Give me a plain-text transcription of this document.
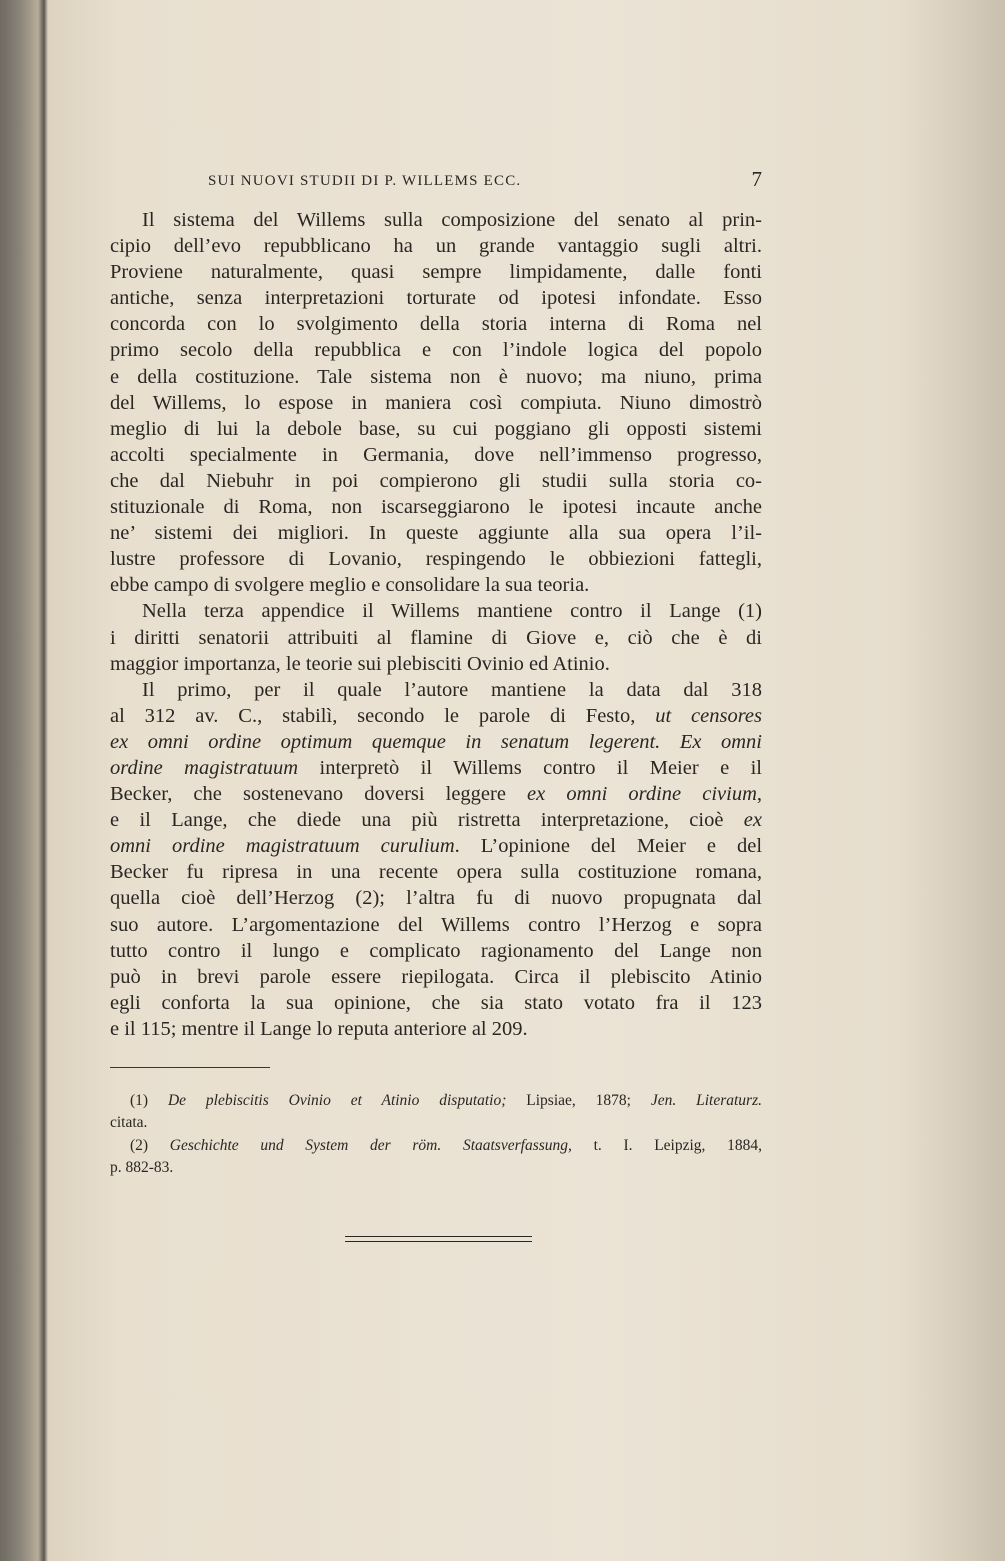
SUI NUOVI STUDII DI P. WILLEMS ECC.	7
Il sistema del Willems sulla composizione del senato al prin-
cipio dell’evo repubblicano ha un grande vantaggio sugli altri.
Proviene naturalmente, quasi sempre limpidamente, dalle fonti
antiche, senza interpretazioni torturate od ipotesi infondate. Esso
concorda con lo svolgimento della storia interna di Roma nel
primo secolo della repubblica e con l’indole logica del popolo
e della costituzione. Tale sistema non è nuovo; ma niuno, prima
del Willems, lo espose in maniera così compiuta. Niuno dimostrò
meglio di lui la debole base, su cui poggiano gli opposti sistemi
accolti specialmente in Germania, dove nell’immenso progresso,
che dal Niebuhr in poi compierono gli studii sulla storia co-
stituzionale di Roma, non iscarseggiarono le ipotesi incaute anche
ne’ sistemi dei migliori. In queste aggiunte alla sua opera l’il-
lustre professore di Lovanio, respingendo le obbiezioni fattegli,
ebbe campo di svolgere meglio e consolidare la sua teoria.
Nella terza appendice il Willems mantiene contro il Lange (1)
i diritti senatorii attribuiti al flamine di Giove e, ciò che è di
maggior importanza, le teorie sui plebisciti Ovinio ed Atinio.
Il primo, per il quale l’autore mantiene la data dal 318
al 312 av. C., stabilì, secondo le parole di Festo, ut censores
ex omni ordine optimum quemque in senatum legerent. Ex omni
ordine magistratuum interpretò il Willems contro il Meier e il
Becker, che sostenevano doversi leggere ex omni ordine civium,
e il Lange, che diede una più ristretta interpretazione, cioè ex
omni ordine magistratuum curulium. L’opinione del Meier e del
Becker fu ripresa in una recente opera sulla costituzione romana,
quella cioè dell’Herzog (2); l’altra fu di nuovo propugnata dal
suo autore. L’argomentazione del Willems contro l’Herzog e sopra
tutto contro il lungo e complicato ragionamento del Lange non
può in brevi parole essere riepilogata. Circa il plebiscito Atinio
egli conforta la sua opinione, che sia stato votato fra il 123
e il 115; mentre il Lange lo reputa anteriore al 209.
(1) De plebiscitis Ovinio et Atinio disputatio; Lipsiae, 1878; Jen. Literaturz.
citata.
(2) Geschichte und System der röm. Staatsverfassung, t. I. Leipzig, 1884,
p. 882-83.
